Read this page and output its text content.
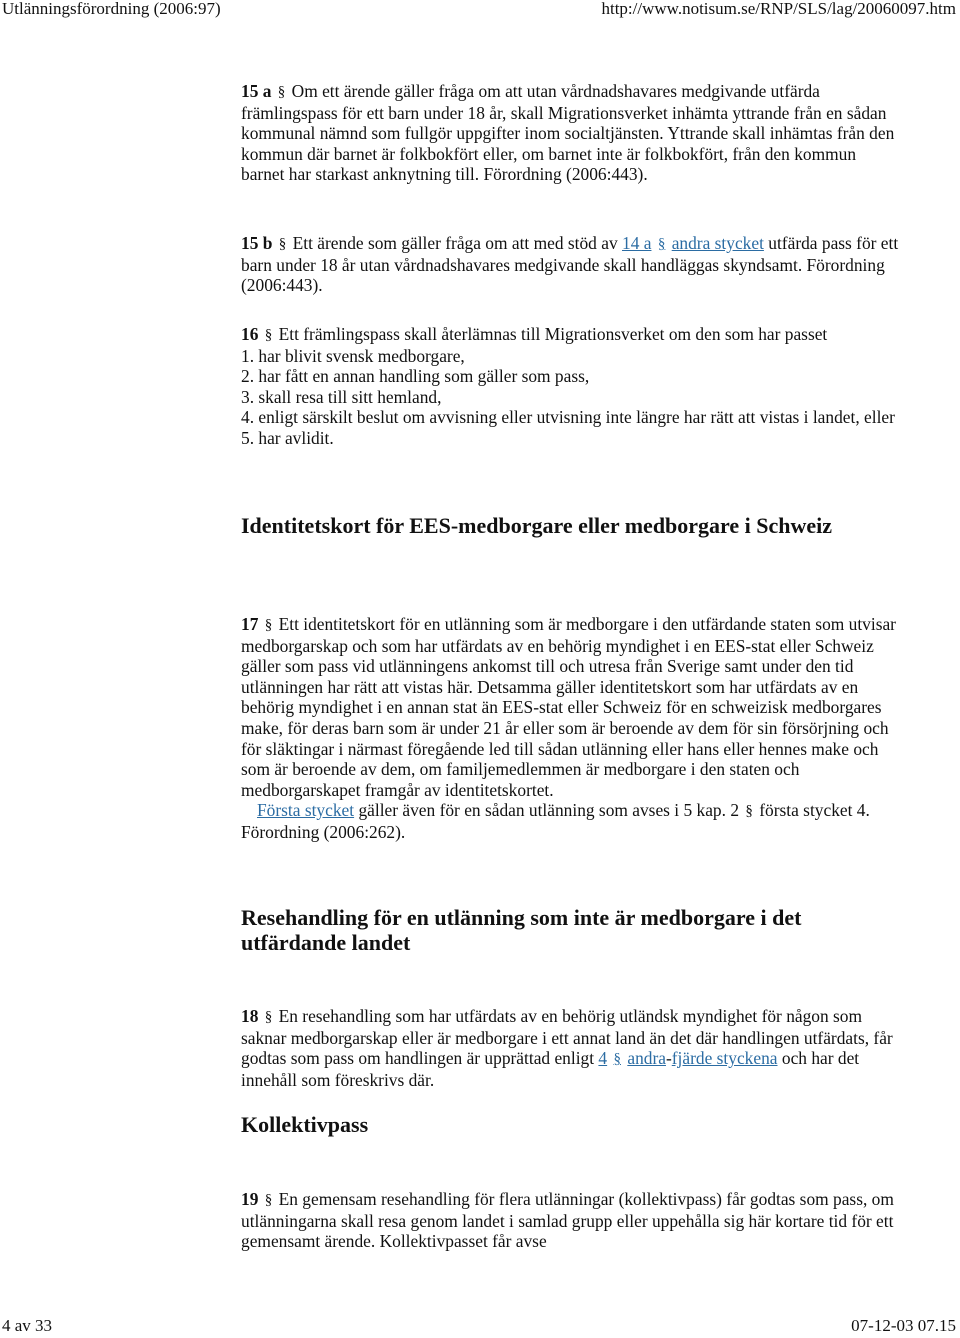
Utlänningsförordning (2006:97)	http://www.notisum.se/RNP/SLS/lag/20060097.htm

15 a § Om ett ärende gäller fråga om att utan vårdnadshavares medgivande utfärda främlingspass för ett barn under 18 år, skall Migrationsverket inhämta yttrande från en sådan kommunal nämnd som fullgör uppgifter inom socialtjänsten. Yttrande skall inhämtas från den kommun där barnet är folkbokfört eller, om barnet inte är folkbokfört, från den kommun barnet har starkast anknytning till. Förordning (2006:443).

15 b § Ett ärende som gäller fråga om att med stöd av 14 a § andra stycket utfärda pass för ett barn under 18 år utan vårdnadshavares medgivande skall handläggas skyndsamt. Förordning (2006:443).

16 § Ett främlingspass skall återlämnas till Migrationsverket om den som har passet
1. har blivit svensk medborgare,
2. har fått en annan handling som gäller som pass,
3. skall resa till sitt hemland,
4. enligt särskilt beslut om avvisning eller utvisning inte längre har rätt att vistas i landet, eller
5. har avlidit.
Identitetskort för EES-medborgare eller medborgare i Schweiz
17 § Ett identitetskort för en utlänning som är medborgare i den utfärdande staten som utvisar medborgarskap och som har utfärdats av en behörig myndighet i en EES-stat eller Schweiz gäller som pass vid utlänningens ankomst till och utresa från Sverige samt under den tid utlänningen har rätt att vistas här. Detsamma gäller identitetskort som har utfärdats av en behörig myndighet i en annan stat än EES-stat eller Schweiz för en schweizisk medborgares make, för deras barn som är under 21 år eller som är beroende av dem för sin försörjning och för släktingar i närmast föregående led till sådan utlänning eller hans eller hennes make och som är beroende av dem, om familjemedlemmen är medborgare i den staten och medborgarskapet framgår av identitetskortet.
Första stycket gäller även för en sådan utlänning som avses i 5 kap. 2 § första stycket 4. Förordning (2006:262).
Resehandling för en utlänning som inte är medborgare i det utfärdande landet

18 § En resehandling som har utfärdats av en behörig utländsk myndighet för någon som saknar medborgarskap eller är medborgare i ett annat land än det där handlingen utfärdats, får godtas som pass om handlingen är upprättad enligt 4 § andra-fjärde styckena och har det innehåll som föreskrivs där.

Kollektivpass

19 § En gemensam resehandling för flera utlänningar (kollektivpass) får godtas som pass, om utlänningarna skall resa genom landet i samlad grupp eller uppehålla sig här kortare tid för ett gemensamt ärende. Kollektivpasset får avse

4 av 33	07-12-03 07.15
